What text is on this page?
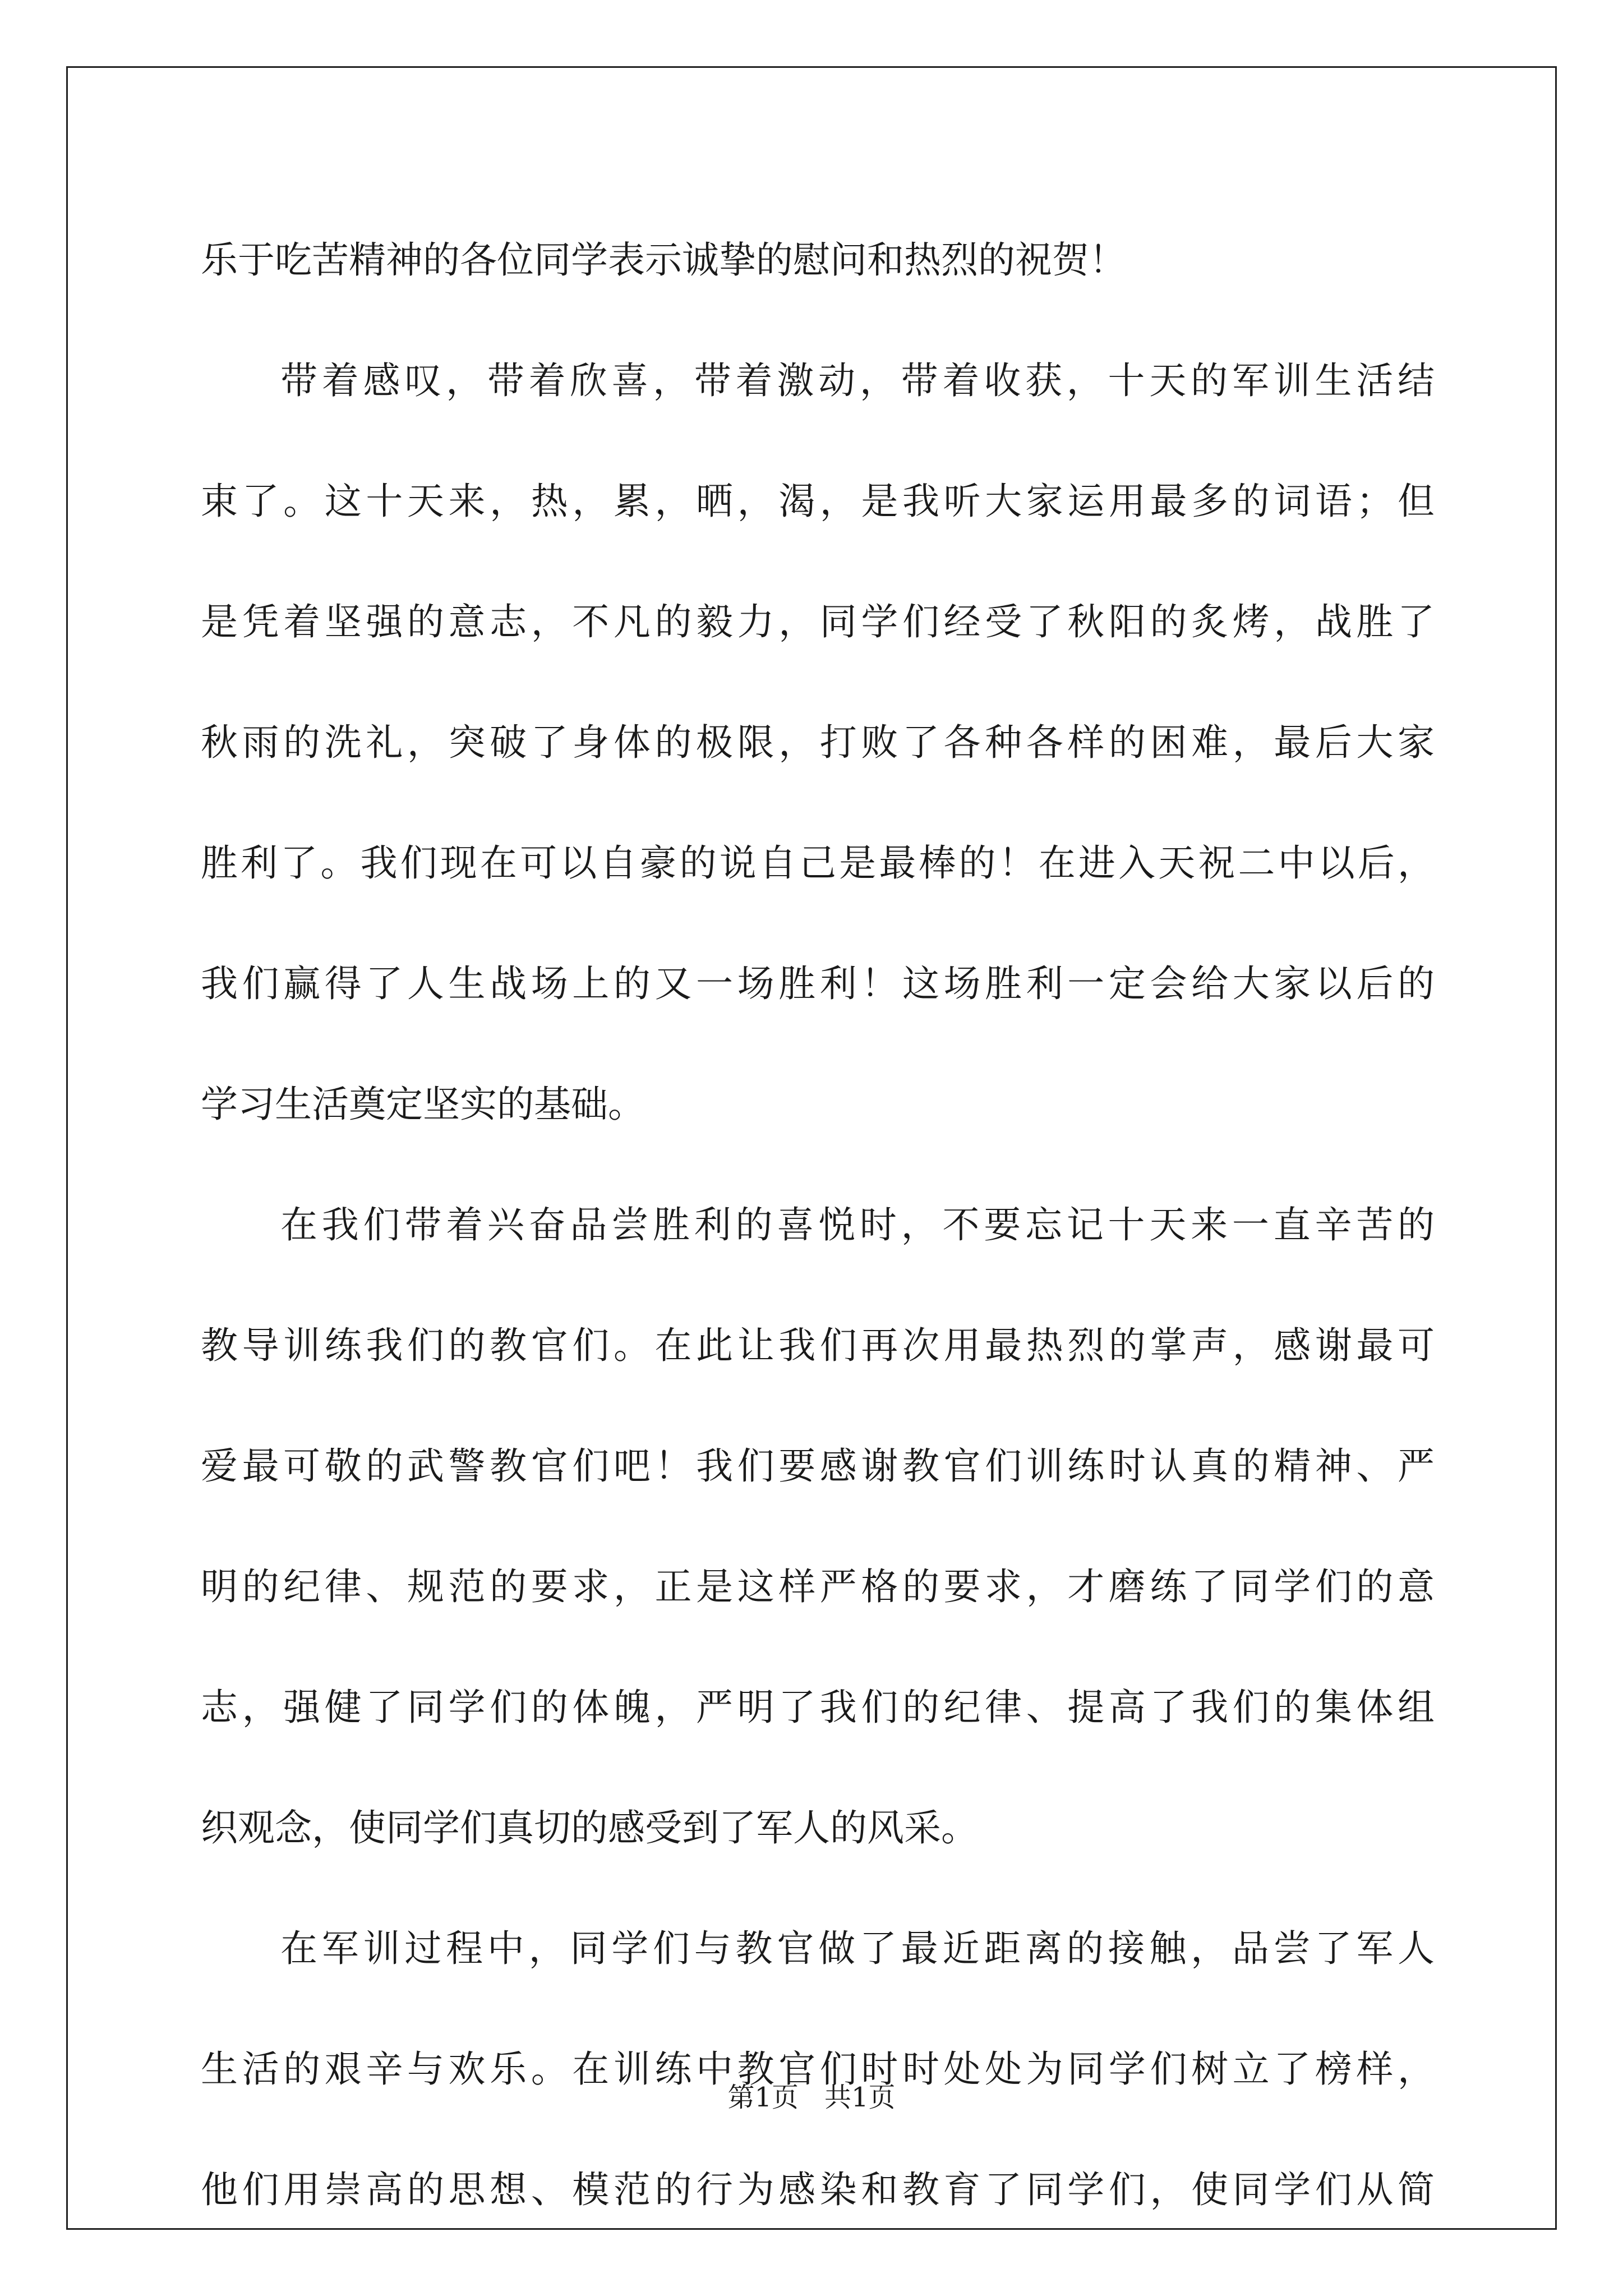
乐于吃苦精神的各位同学表示诚挚的慰问和热烈的祝贺！
带着感叹，带着欣喜，带着激动，带着收获，十天的军训生活结
束了。这十天来，热，累，晒，渴，是我听大家运用最多的词语；但
是凭着坚强的意志，不凡的毅力，同学们经受了秋阳的炙烤，战胜了
秋雨的洗礼，突破了身体的极限，打败了各种各样的困难，最后大家
胜利了。我们现在可以自豪的说自己是最棒的！在进入天祝二中以后，
我们赢得了人生战场上的又一场胜利！这场胜利一定会给大家以后的
学习生活奠定坚实的基础。
在我们带着兴奋品尝胜利的喜悦时，不要忘记十天来一直辛苦的
教导训练我们的教官们。在此让我们再次用最热烈的掌声，感谢最可
爱最可敬的武警教官们吧！我们要感谢教官们训练时认真的精神、严
明的纪律、规范的要求，正是这样严格的要求，才磨练了同学们的意
志，强健了同学们的体魄，严明了我们的纪律、提高了我们的集体组
织观念，使同学们真切的感受到了军人的风采。
在军训过程中，同学们与教官做了最近距离的接触，品尝了军人
生活的艰辛与欢乐。在训练中教官们时时处处为同学们树立了榜样，
他们用崇高的思想、模范的行为感染和教育了同学们，使同学们从简
第1页 共1页
